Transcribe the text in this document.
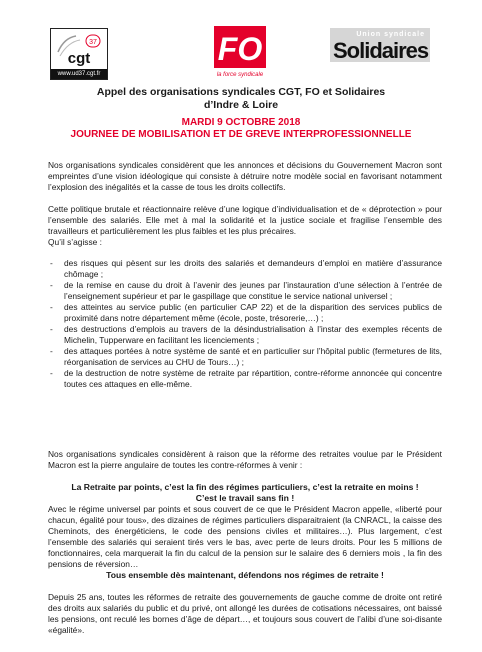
37
cgt
www.ud37.cgt.fr
FO
la force syndicale
Union syndicale
Solidaires
Appel des organisations syndicales CGT, FO et Solidaires
d’Indre & Loire
MARDI 9 OCTOBRE 2018
JOURNEE DE MOBILISATION ET DE GREVE INTERPROFESSIONNELLE

Nos organisations syndicales considèrent que les annonces et décisions du Gouvernement Macron sont empreintes d’une vision idéologique qui consiste à détruire notre modèle social en favorisant notamment l’explosion des inégalités et la casse de tous les droits collectifs.

Cette politique brutale et réactionnaire relève d’une logique d’individualisation et de « déprotection » pour l’ensemble des salariés. Elle met à mal la solidarité et la justice sociale et fragilise l’ensemble des travailleurs et particulièrement les plus faibles et les plus précaires.

Qu’il s’agisse :

- des risques qui pèsent sur les droits des salariés et demandeurs d’emploi en matière d’assurance chômage ;
- de la remise en cause du droit à l’avenir des jeunes par l’instauration d’une sélection à l’entrée de l’enseignement supérieur et par le gaspillage que constitue le service national universel ;
- des atteintes au service public (en particulier CAP 22) et de la disparition des services publics de proximité dans notre département même (école, poste, trésorerie,…) ;
- des destructions d’emplois au travers de la désindustrialisation à l’instar des exemples récents de Michelin, Tupperware en facilitant les licenciements ;
- des attaques portées à notre système de santé et en particulier sur l’hôpital public (fermetures de lits, réorganisation de services au CHU de Tours…) ;
- de la destruction de notre système de retraite par répartition, contre-réforme annoncée qui concentre toutes ces attaques en elle-même.

Nos organisations syndicales considèrent à raison que la réforme des retraites voulue par le Président Macron est la pierre angulaire de toutes les contre-réformes à venir :

La Retraite par points, c’est la fin des régimes particuliers, c’est la retraite en moins !
C’est le travail sans fin !

Avec le régime universel par points et sous couvert de ce que le Président Macron appelle, «liberté pour chacun, égalité pour tous», des dizaines de régimes particuliers disparaitraient (la CNRACL, la caisse des Cheminots, des énergéticiens, le code des pensions civiles et militaires…). Plus largement, c’est l’ensemble des salariés qui seraient tirés vers le bas, avec perte de leurs droits. Pour les 5 millions de fonctionnaires, cela marquerait la fin du calcul de la pension sur le salaire des 6 derniers mois , la fin des pensions de réversion…

Tous ensemble dès maintenant, défendons nos régimes de retraite !

Depuis 25 ans, toutes les réformes de retraite des gouvernements de gauche comme de droite ont retiré des droits aux salariés du public et du privé, ont allongé les durées de cotisations nécessaires, ont baissé les pensions, ont reculé les bornes d’âge de départ…, et toujours sous couvert de l’alibi d’une soi-disante «égalité».
